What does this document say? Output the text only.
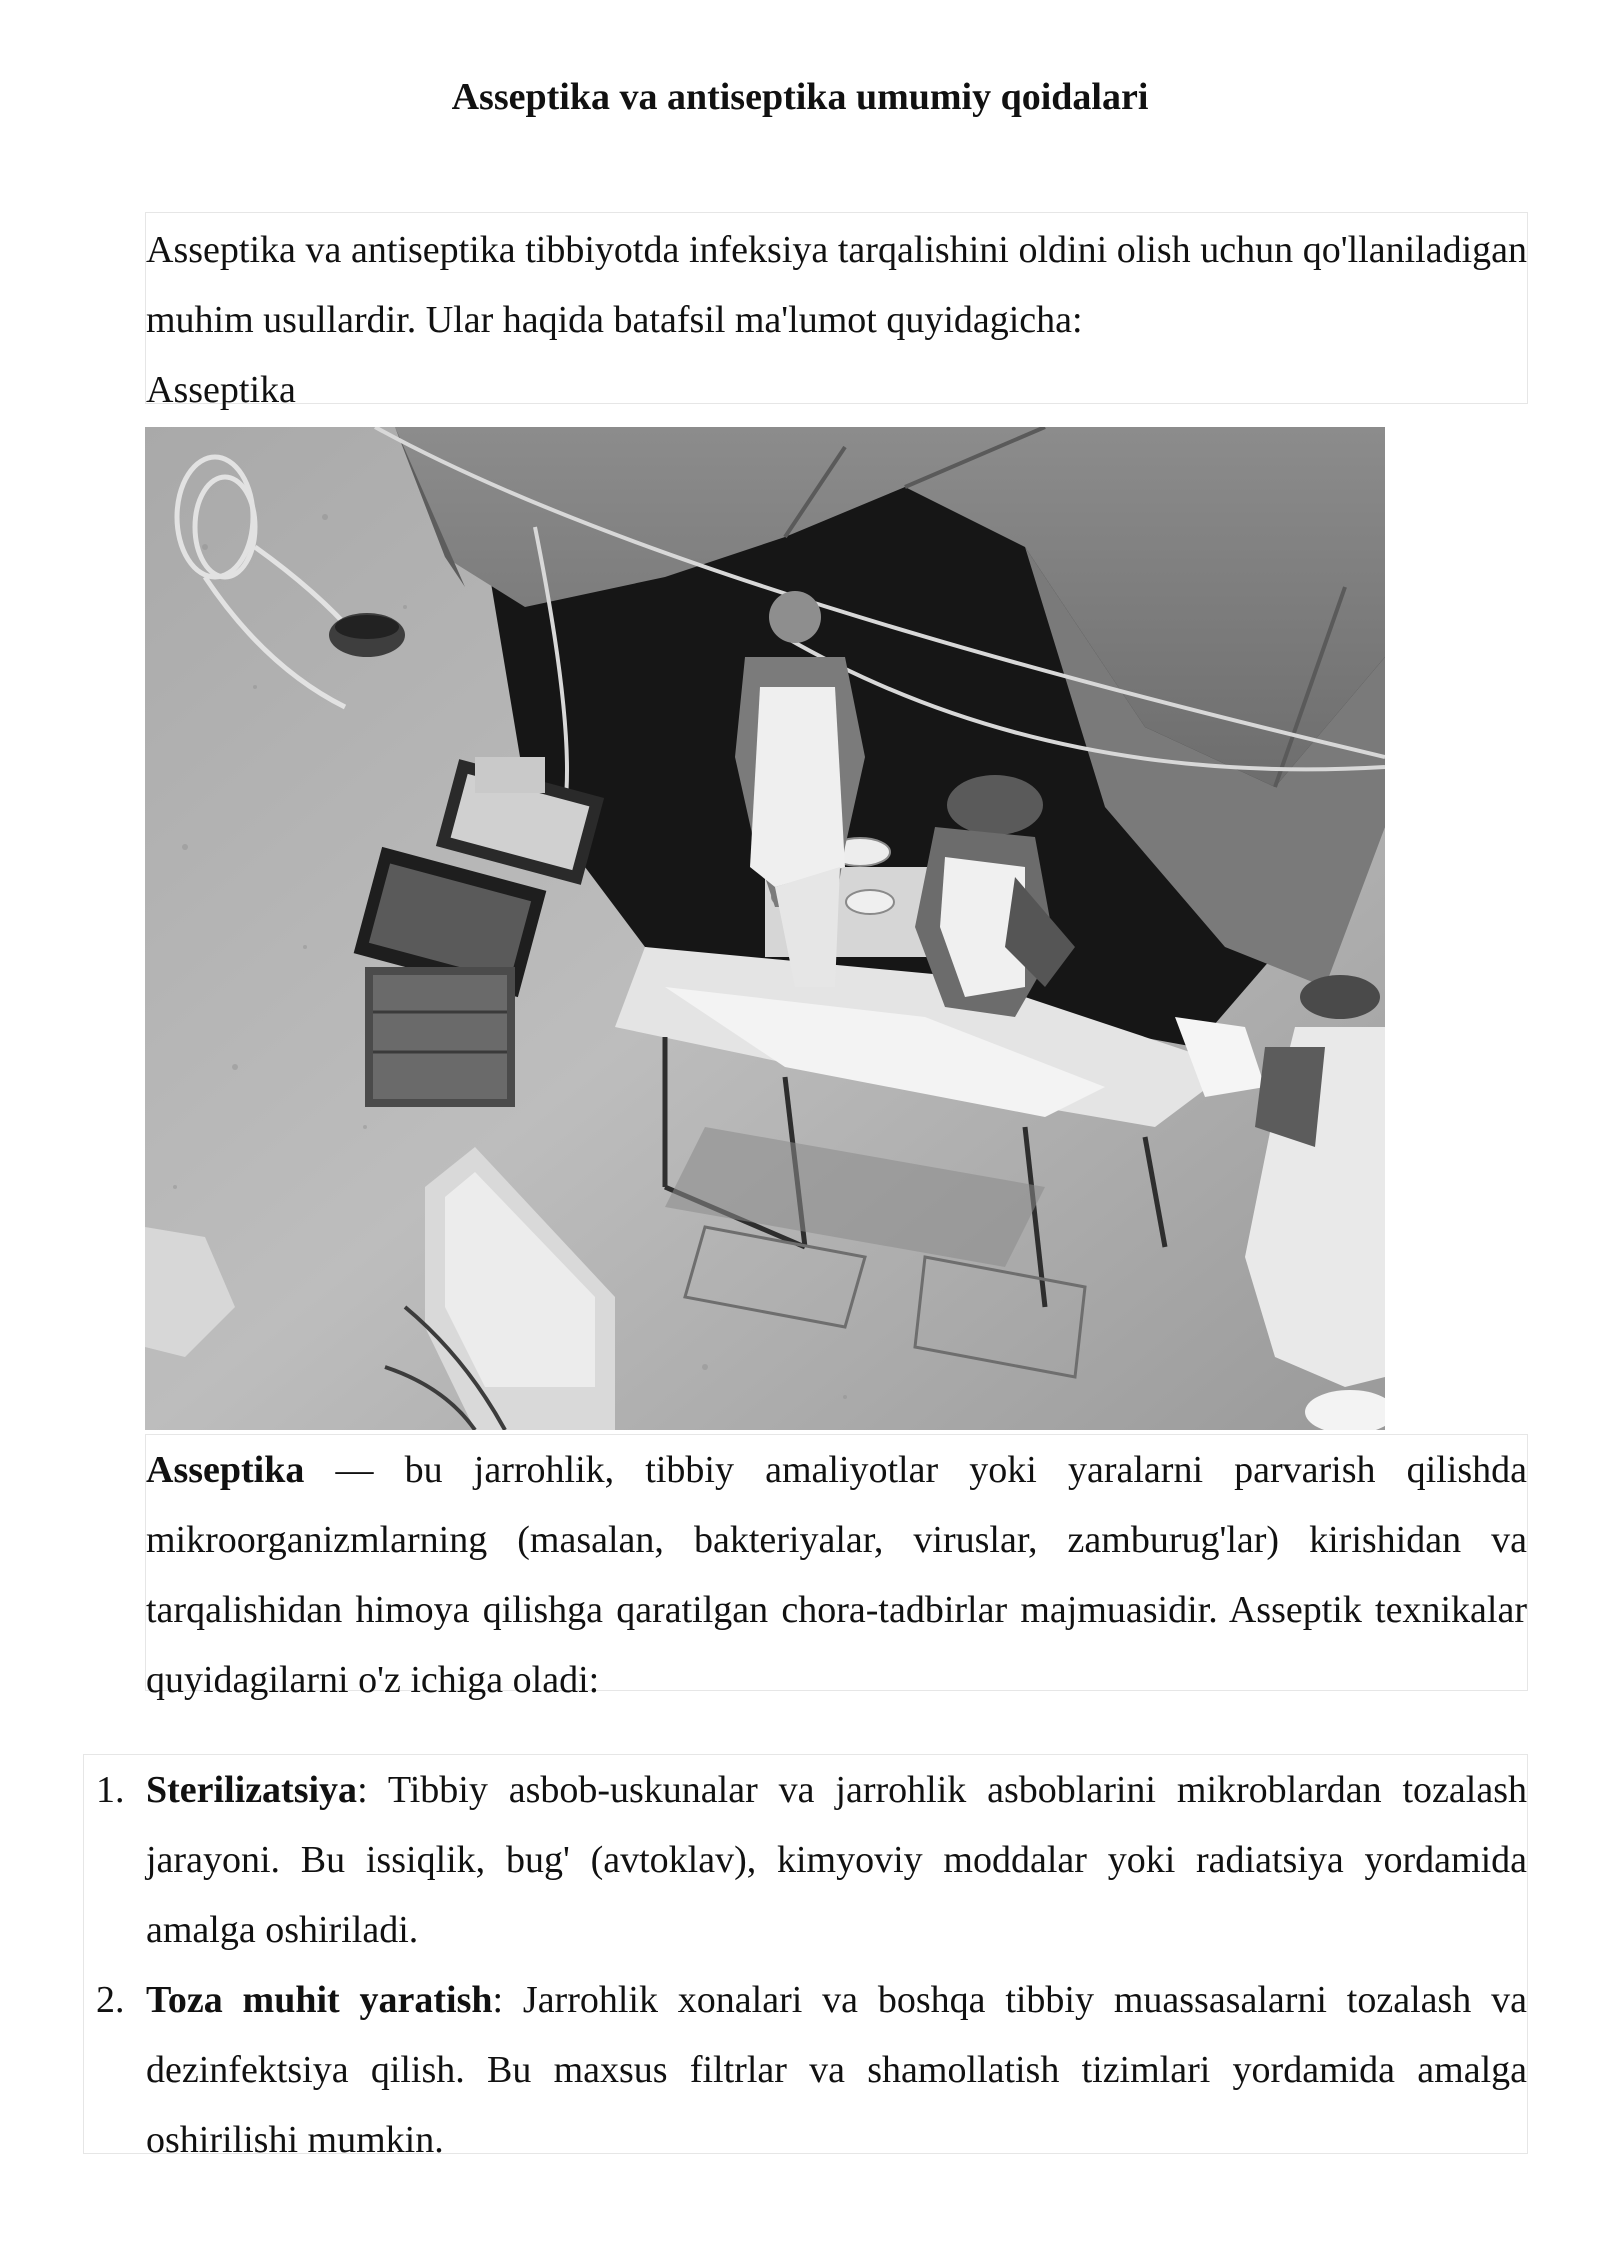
Asseptika va antiseptika umumiy qoidalari

Asseptika va antiseptika tibbiyotda infeksiya tarqalishini oldini olish uchun qo'llaniladigan muhim usullardir. Ular haqida batafsil ma'lumot quyidagicha:

Asseptika

Asseptika — bu jarrohlik, tibbiy amaliyotlar yoki yaralarni parvarish qilishda mikroorganizmlarning (masalan, bakteriyalar, viruslar, zamburug'lar) kirishidan va tarqalishidan himoya qilishga qaratilgan chora-tadbirlar majmuasidir. Asseptik texnikalar quyidagilarni o'z ichiga oladi:

1. Sterilizatsiya: Tibbiy asbob-uskunalar va jarrohlik asboblarini mikroblardan tozalash jarayoni. Bu issiqlik, bug' (avtoklav), kimyoviy moddalar yoki radiatsiya yordamida amalga oshiriladi.

2. Toza muhit yaratish: Jarrohlik xonalari va boshqa tibbiy muassasalarni tozalash va dezinfektsiya qilish. Bu maxsus filtrlar va shamollatish tizimlari yordamida amalga oshirilishi mumkin.
